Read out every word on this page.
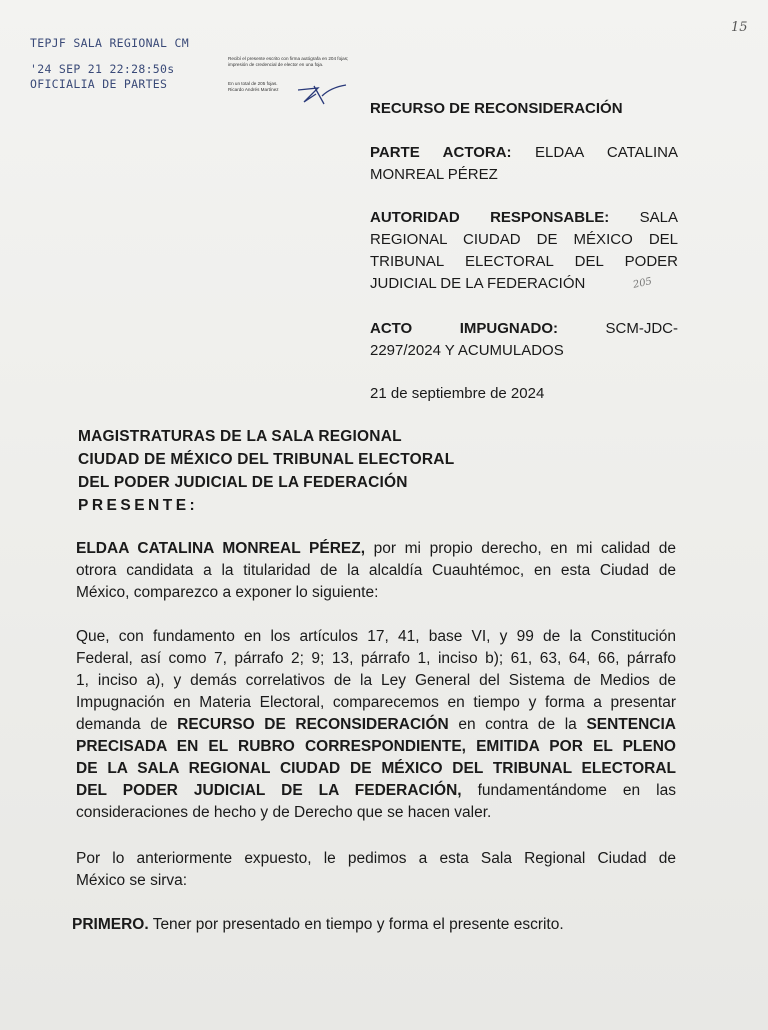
TEPJF SALA REGIONAL CM
'24 SEP 21 22:28:50s
OFICIALIA DE PARTES
Recibí el presente escrito con firma autógrafa en 204 fojas; impresión de credencial de elector en una foja.
En un total de 205 fojas.
Ricardo Andrés Martínez
15
RECURSO DE RECONSIDERACIÓN
PARTE ACTORA: ELDAA CATALINA
MONREAL PÉREZ
AUTORIDAD RESPONSABLE: SALA
REGIONAL CIUDAD DE MÉXICO DEL
TRIBUNAL ELECTORAL DEL PODER
JUDICIAL DE LA FEDERACIÓN	205
ACTO IMPUGNADO:	SCM-JDC-
2297/2024 Y ACUMULADOS
21 de septiembre de 2024
MAGISTRATURAS DE LA SALA REGIONAL
CIUDAD DE MÉXICO DEL TRIBUNAL ELECTORAL
DEL PODER JUDICIAL DE LA FEDERACIÓN
PRESENTE:
ELDAA CATALINA MONREAL PÉREZ, por mi propio derecho, en mi calidad de
otrora candidata a la titularidad de la alcaldía Cuauhtémoc, en esta Ciudad de
México, comparezco a exponer lo siguiente:
Que, con fundamento en los artículos 17, 41, base VI, y 99 de la Constitución
Federal, así como 7, párrafo 2; 9; 13, párrafo 1, inciso b); 61, 63, 64, 66, párrafo
1, inciso a), y demás correlativos de la Ley General del Sistema de Medios de
Impugnación en Materia Electoral, comparecemos en tiempo y forma a presentar
demanda de RECURSO DE RECONSIDERACIÓN en contra de la SENTENCIA
PRECISADA EN EL RUBRO CORRESPONDIENTE, EMITIDA POR EL PLENO
DE LA SALA REGIONAL CIUDAD DE MÉXICO DEL TRIBUNAL ELECTORAL
DEL PODER JUDICIAL DE LA FEDERACIÓN, fundamentándome en las
consideraciones de hecho y de Derecho que se hacen valer.
Por lo anteriormente expuesto, le pedimos a esta Sala Regional Ciudad de
México se sirva:
PRIMERO. Tener por presentado en tiempo y forma el presente escrito.
